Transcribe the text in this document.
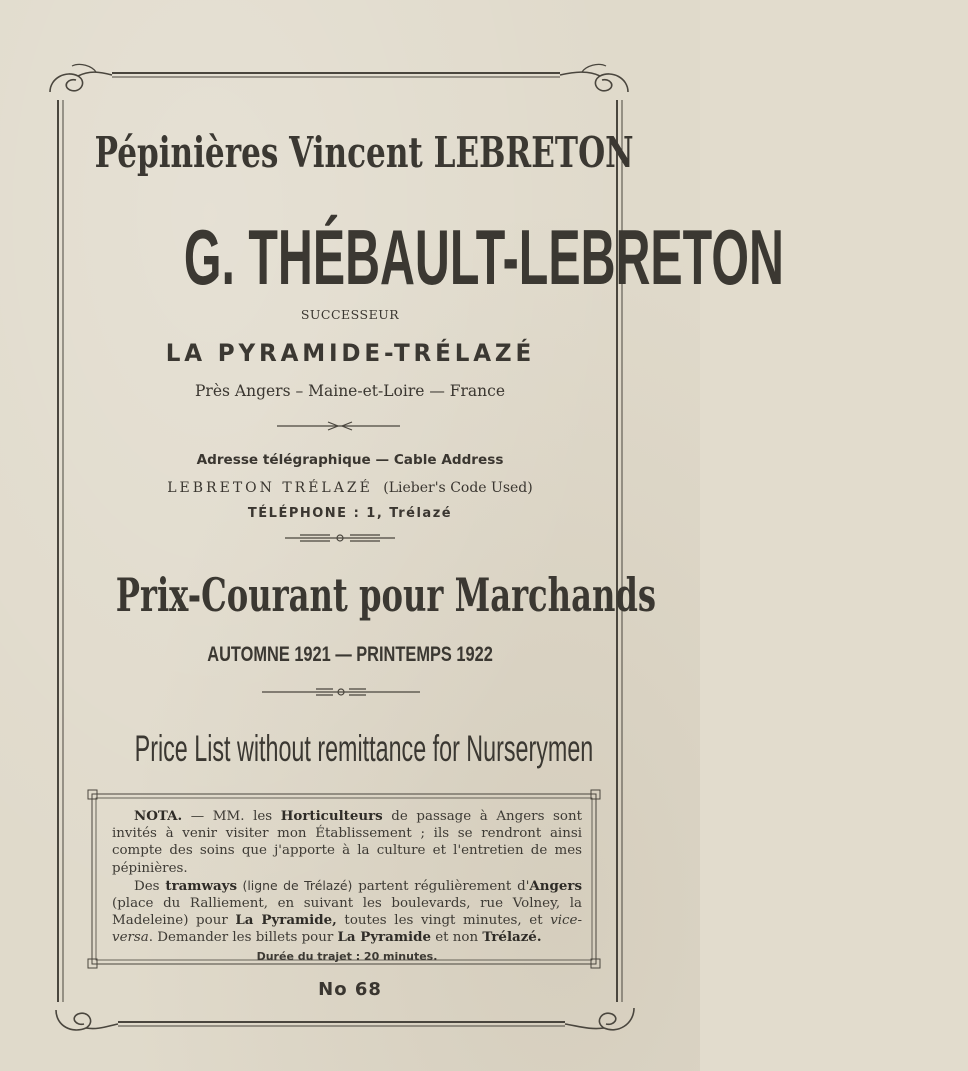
Pépinières Vincent LEBRETON
G. THÉBAULT-LEBRETON
SUCCESSEUR
LA PYRAMIDE-TRÉLAZÉ
Près Angers – Maine-et-Loire — France
Adresse télégraphique — Cable Address
LEBRETON TRÉLAZÉ (Lieber's Code Used)
TÉLÉPHONE : 1, Trélazé
Prix-Courant pour Marchands
AUTOMNE 1921 — PRINTEMPS 1922
Price List without remittance for Nurserymen

NOTA. — MM. les Horticulteurs de passage à Angers sont invités à venir visiter mon Établissement ; ils se rendront ainsi compte des soins que j'apporte à la culture et l'entretien de mes pépinières.

Des tramways (ligne de Trélazé) partent régulièrement d'Angers (place du Ralliement, en suivant les boulevards, rue Volney, la Madeleine) pour La Pyramide, toutes les vingt minutes, et vice-versa. Demander les billets pour La Pyramide et non Trélazé.

Durée du trajet : 20 minutes.

No 68
